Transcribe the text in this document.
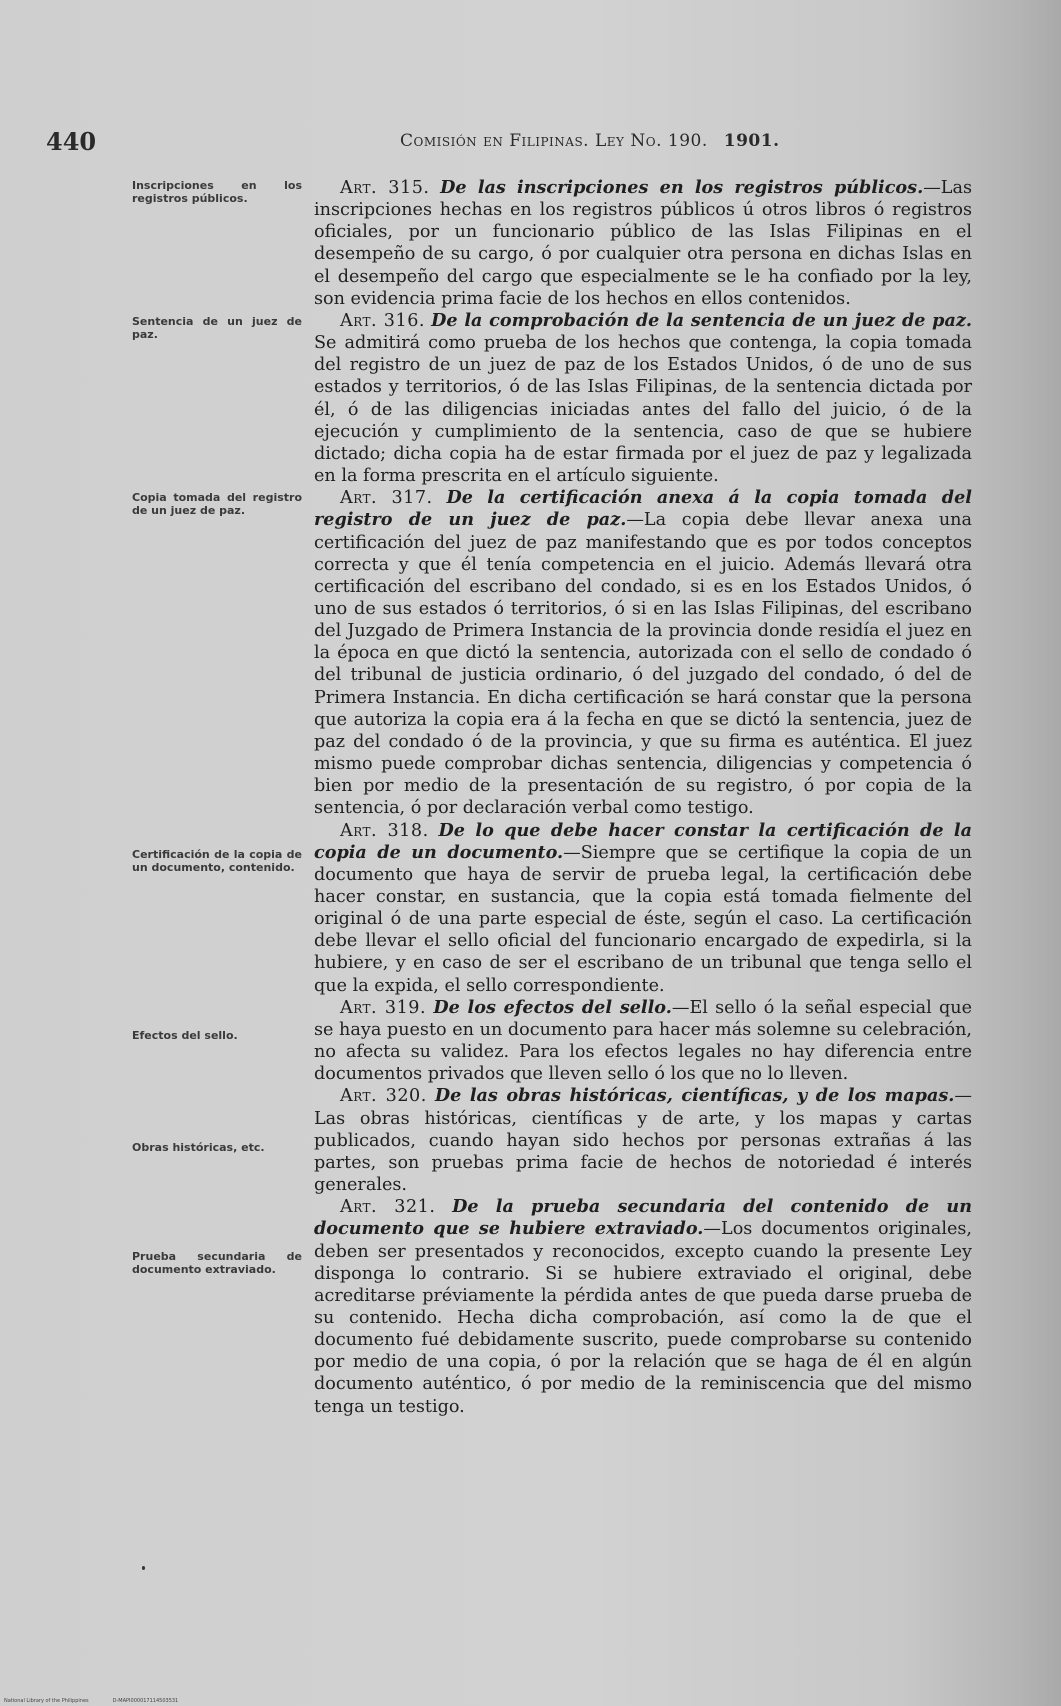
440	Comisión en Filipinas. Ley No. 190. 1901.
Inscripciones en los registros públicos.
Sentencia de un juez de paz.
Copia tomada del registro de un juez de paz.
Certificación de la copia de un documento, contenido.
Efectos del sello.
Obras históricas, etc.
Prueba secundaria de documento extraviado.

Art. 315. De las inscripciones en los registros públicos.—Las inscripciones hechas en los registros públicos ú otros libros ó registros oficiales, por un funcionario público de las Islas Filipinas en el desempeño de su cargo, ó por cualquier otra persona en dichas Islas en el desempeño del cargo que especialmente se le ha confiado por la ley, son evidencia prima facie de los hechos en ellos contenidos.

Art. 316. De la comprobación de la sentencia de un juez de paz. Se admitirá como prueba de los hechos que contenga, la copia tomada del registro de un juez de paz de los Estados Unidos, ó de uno de sus estados y territorios, ó de las Islas Filipinas, de la sentencia dictada por él, ó de las diligencias iniciadas antes del fallo del juicio, ó de la ejecución y cumplimiento de la sentencia, caso de que se hubiere dictado; dicha copia ha de estar firmada por el juez de paz y legalizada en la forma prescrita en el artículo siguiente.

Art. 317. De la certificación anexa á la copia tomada del registro de un juez de paz.—La copia debe llevar anexa una certificación del juez de paz manifestando que es por todos conceptos correcta y que él tenía competencia en el juicio. Además llevará otra certificación del escribano del condado, si es en los Estados Unidos, ó uno de sus estados ó territorios, ó si en las Islas Filipinas, del escribano del Juzgado de Primera Instancia de la provincia donde residía el juez en la época en que dictó la sentencia, autorizada con el sello de condado ó del tribunal de justicia ordinario, ó del juzgado del condado, ó del de Primera Instancia. En dicha certificación se hará constar que la persona que autoriza la copia era á la fecha en que se dictó la sentencia, juez de paz del condado ó de la provincia, y que su firma es auténtica. El juez mismo puede comprobar dichas sentencia, diligencias y competencia ó bien por medio de la presentación de su registro, ó por copia de la sentencia, ó por declaración verbal como testigo.

Art. 318. De lo que debe hacer constar la certificación de la copia de un documento.—Siempre que se certifique la copia de un documento que haya de servir de prueba legal, la certificación debe hacer constar, en sustancia, que la copia está tomada fielmente del original ó de una parte especial de éste, según el caso. La certificación debe llevar el sello oficial del funcionario encargado de expedirla, si la hubiere, y en caso de ser el escribano de un tribunal que tenga sello el que la expida, el sello correspondiente.

Art. 319. De los efectos del sello.—El sello ó la señal especial que se haya puesto en un documento para hacer más solemne su celebración, no afecta su validez. Para los efectos legales no hay diferencia entre documentos privados que lleven sello ó los que no lo lleven.

Art. 320. De las obras históricas, científicas, y de los mapas.— Las obras históricas, científicas y de arte, y los mapas y cartas publicados, cuando hayan sido hechos por personas extrañas á las partes, son pruebas prima facie de hechos de notoriedad é interés generales.

Art. 321. De la prueba secundaria del contenido de un documento que se hubiere extraviado.—Los documentos originales, deben ser presentados y reconocidos, excepto cuando la presente Ley disponga lo contrario. Si se hubiere extraviado el original, debe acreditarse préviamente la pérdida antes de que pueda darse prueba de su contenido. Hecha dicha comprobación, así como la de que el documento fué debidamente suscrito, puede comprobarse su contenido por medio de una copia, ó por la relación que se haga de él en algún documento auténtico, ó por medio de la reminiscencia que del mismo tenga un testigo.

National Library of the Philippines	D-MAPI000017114503531
